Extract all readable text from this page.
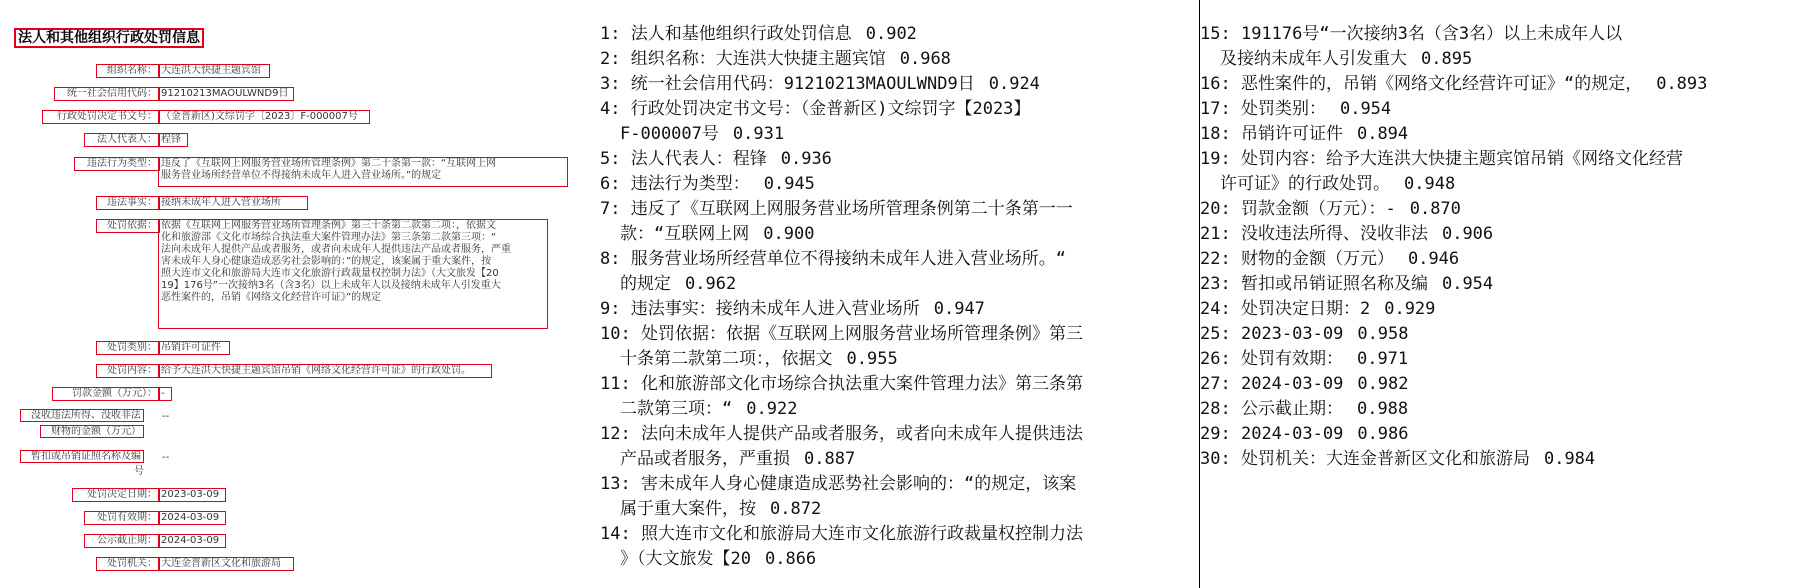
法人和其他组织行政处罚信息
组织名称： 大连洪大快捷主题宾馆
统一社会信用代码： 91210213MAOULWND9日
行政处罚决定书文号： （金普新区)文综罚字〔2023〕F-000007号
法人代表人： 程锋
违法行为类型： 违反了《互联网上网服务营业场所管理条例》第二十条第一款：“互联网上网
服务营业场所经营单位不得接纳未成年人进入营业场所。”的规定
违法事实： 接纳未成年人进入营业场所
处罚依据： 依据《互联网上网服务营业场所管理条例》第三十条第二款第二项：，依据文
化和旅游部《文化市场综合执法重大案件管理办法》第三条第二款第三项：“
法向未成年人提供产品或者服务，或者向未成年人提供违法产品或者服务，严重
害未成年人身心健康造成恶劣社会影响的：”的规定，该案属于重大案件，按
照大连市文化和旅游局大连市文化旅游行政裁量权控制力法》（大文旅发【20
19】176号”一次接纳3名（含3名）以上未成年人以及接纳未成年人引发重大
恶性案件的，吊销《网络文化经营许可证》”的规定
处罚类别： 吊销许可证件
处罚内容： 给予大连洪大快捷主题宾馆吊销《网络文化经营许可证》的行政处罚。
罚款金额（万元）： -
没收违法所得、没收非法
财物的金额（万元）
--
暂扣或吊销证照名称及编
号
--
处罚决定日期： 2023-03-09
处罚有效期： 2024-03-09
公示截止期： 2024-03-09
处罚机关： 大连金普新区文化和旅游局
1: 法人和基他组织行政处罚信息 0.902
2: 组织名称：大连洪大快捷主题宾馆 0.968
3: 统一社会信用代码：91210213MAOULWND9日 0.924
4: 行政处罚决定书文号：（金普新区)文综罚字【2023】
F-000007号 0.931
5: 法人代表人：程锋 0.936
6: 违法行为类型： 0.945
7: 违反了《互联网上网服务营业场所管理条例第二十条第一一
款：“互联网上网 0.900
8: 服务营业场所经营单位不得接纳未成年人进入营业场所。“
的规定 0.962
9: 违法事实：接纳未成年人进入营业场所 0.947
10: 处罚依据：依据《互联网上网服务营业场所管理条例》第三
十条第二款第二项：，依据文 0.955
11: 化和旅游部文化市场综合执法重大案件管理力法》第三条第
二款第三项：“ 0.922
12: 法向未成年人提供产品或者服务，或者向未成年人提供违法
产品或者服务，严重损 0.887
13: 害未成年人身心健康造成恶势社会影响的：“的规定，该案
属于重大案件，按 0.872
14: 照大连市文化和旅游局大连市文化旅游行政裁量权控制力法
》（大文旅发【20 0.866
15: 191176号“一次接纳3名（含3名）以上未成年人以
及接纳未成年人引发重大 0.895
16: 恶性案件的，吊销《网络文化经营许可证》“的规定， 0.893
17: 处罚类别： 0.954
18: 吊销许可证件 0.894
19: 处罚内容：给予大连洪大快捷主题宾馆吊销《网络文化经营
许可证》的行政处罚。 0.948
20: 罚款金额（万元）：- 0.870
21: 没收违法所得、没收非法 0.906
22: 财物的金额（万元） 0.946
23: 暂扣或吊销证照名称及编 0.954
24: 处罚决定日期：2 0.929
25: 2023-03-09 0.958
26: 处罚有效期： 0.971
27: 2024-03-09 0.982
28: 公示截止期： 0.988
29: 2024-03-09 0.986
30: 处罚机关：大连金普新区文化和旅游局 0.984
